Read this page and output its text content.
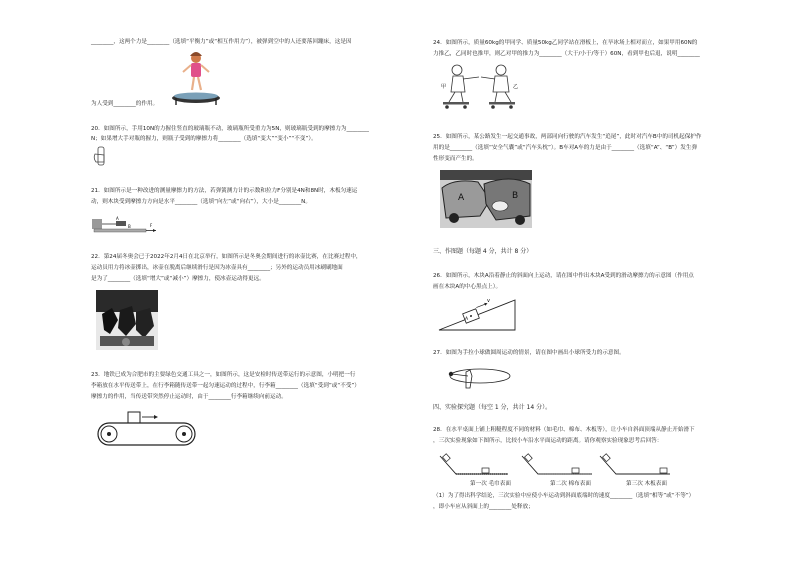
________，这两个力是________（选填“平衡力”或“相互作用力”），被弹到空中的人还要落回蹦床，这是因
为人受到________的作用。
20．如图所示，手用10N的力握住竖直的玻璃瓶不动，玻璃瓶所受重力为5N，则玻璃瓶受到的摩擦力为________
N；如果增大手对瓶的握力，则瓶子受到的摩擦力将________（选填“变大”“变小”“不变”）。
21．如图所示是一种改进的测量摩擦力的方法，若弹簧测力计的示数和拉力F分别是4N和8N时，木板匀速运
动，则木块受到摩擦力方向是水平________（选填“向左”或“向右”），大小是________N。
A
B	F
22．第24届冬奥会已于2022年2月4日在北京举行，如图所示是冬奥会期间进行的冰壶比赛，在比赛过程中，
运动员用力将冰壶掷出，冰壶在脱离后继续滑行是因为冰壶具有________；另外的运动员用冰刷刷地面
是为了________（选填“增大”或“减小”）摩擦力，使冰壶运动得更远。
23．地铁已成为合肥市的主要绿色交通工具之一，如图所示，这是安检时传送带运行的示意图，小明把一行
李箱放在水平传送带上，在行李箱随传送带一起匀速运动的过程中，行李箱________（选填“受到”或“不受”）
摩擦力的作用，当传送带突然停止运动时，由于________行李箱继续向前运动。
24．如图所示，质量60kg的甲同学、质量50kg乙同学站在滑板上，在旱冰场上相对而立，如果甲用60N的
力推乙，乙同时也推甲，则乙对甲的推力为________（大于/小于/等于）60N，看到甲也后退，说明________
甲	乙
25．如图所示，某公路发生一起交通事故，两部同向行驶的汽车发生“追尾”，此时对汽车B中的司机起保护作
用的是________（选填“安全气囊”或“汽车头枕”）。B车对A车的力是由于________（选填“A”、“B”）发生弹
性形变而产生的。
A	B
三、作图题（每题 4 分，共计 8 分）
26．如图所示，木块A沿着静止的斜面向上运动，请在图中作出木块A受到的滑动摩擦力的示意图（作用点
画在木块A的中心黑点上）。
v
A
27．如图为手拉小球做圆周运动的情景，请在图中画出小球所受力的示意图。
四、实验探究题（每空 1 分，共计 14 分）。
28．在水平桌面上铺上粗糙程度不同的材料（如毛巾、棉布、木板等），让小车自斜面顶端从静止开始滑下
，三次实验现象如下图所示，比较小车沿水平面运动的距离。请你观察实验现象思考后回答：
第一次 毛巾表面	第二次 棉布表面	第三次 木板表面
（1）为了得出科学结论，三次实验中应使小车运动到斜面底端时的速度________（选填“相等”或“不等”）
，即小车应从斜面上的________处释放；
